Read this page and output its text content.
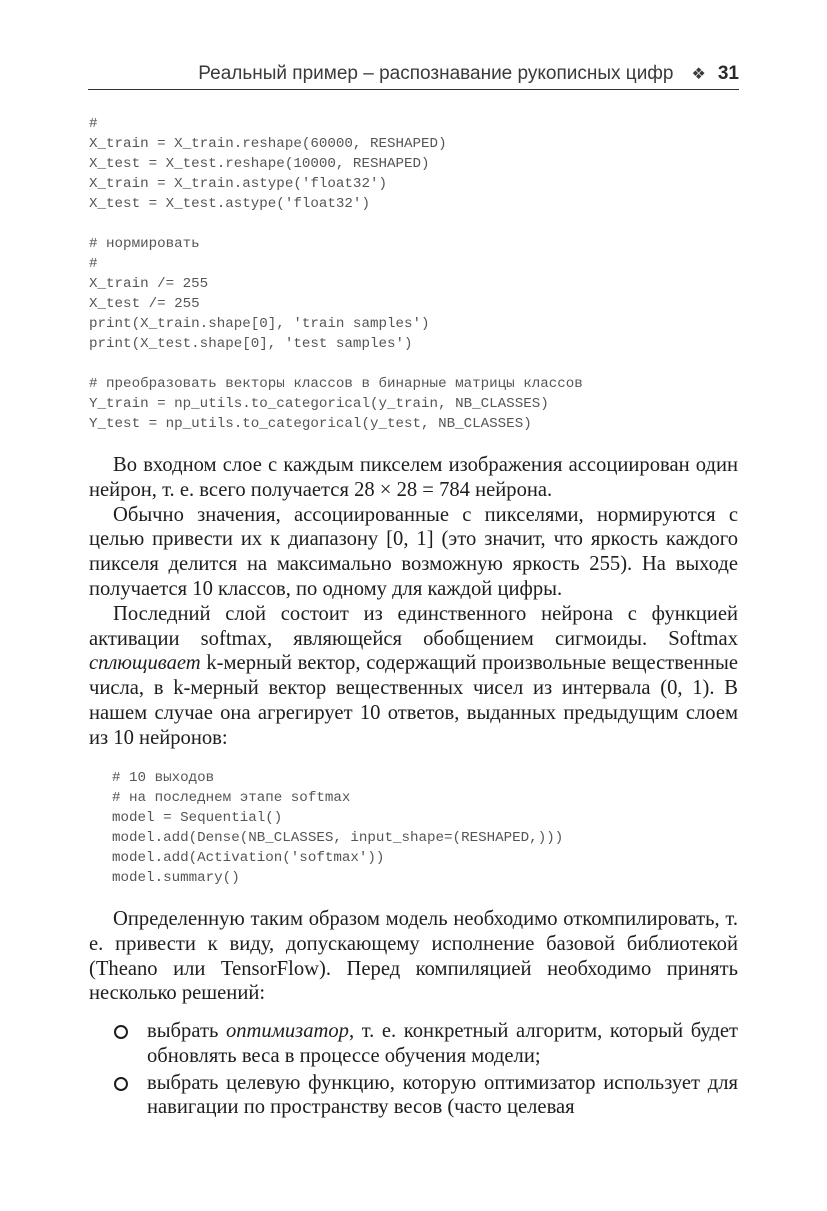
Реальный пример – распознавание рукописных цифр ❖ 31
#
X_train = X_train.reshape(60000, RESHAPED)
X_test = X_test.reshape(10000, RESHAPED)
X_train = X_train.astype('float32')
X_test = X_test.astype('float32')

# нормировать
#
X_train /= 255
X_test /= 255
print(X_train.shape[0], 'train samples')
print(X_test.shape[0], 'test samples')

# преобразовать векторы классов в бинарные матрицы классов
Y_train = np_utils.to_categorical(y_train, NB_CLASSES)
Y_test = np_utils.to_categorical(y_test, NB_CLASSES)

Во входном слое с каждым пикселем изображения ассоциирован один нейрон, т. е. всего получается 28 × 28 = 784 нейрона.

Обычно значения, ассоциированные с пикселями, нормируются с целью привести их к диапазону [0, 1] (это значит, что яркость каждого пикселя делится на максимально возможную яркость 255). На выходе получается 10 классов, по одному для каждой цифры.

Последний слой состоит из единственного нейрона с функцией активации softmax, являющейся обобщением сигмоиды. Softmax сплющивает k-мерный вектор, содержащий произвольные вещественные числа, в k-мерный вектор вещественных чисел из интервала (0, 1). В нашем случае она агрегирует 10 ответов, выданных предыдущим слоем из 10 нейронов:

# 10 выходов
# на последнем этапе softmax
model = Sequential()
model.add(Dense(NB_CLASSES, input_shape=(RESHAPED,)))
model.add(Activation('softmax'))
model.summary()

Определенную таким образом модель необходимо откомпилировать, т. е. привести к виду, допускающему исполнение базовой библиотекой (Theano или TensorFlow). Перед компиляцией необходимо принять несколько решений:

выбрать оптимизатор, т. е. конкретный алгоритм, который будет обновлять веса в процессе обучения модели;
выбрать целевую функцию, которую оптимизатор использует для навигации по пространству весов (часто целевая
